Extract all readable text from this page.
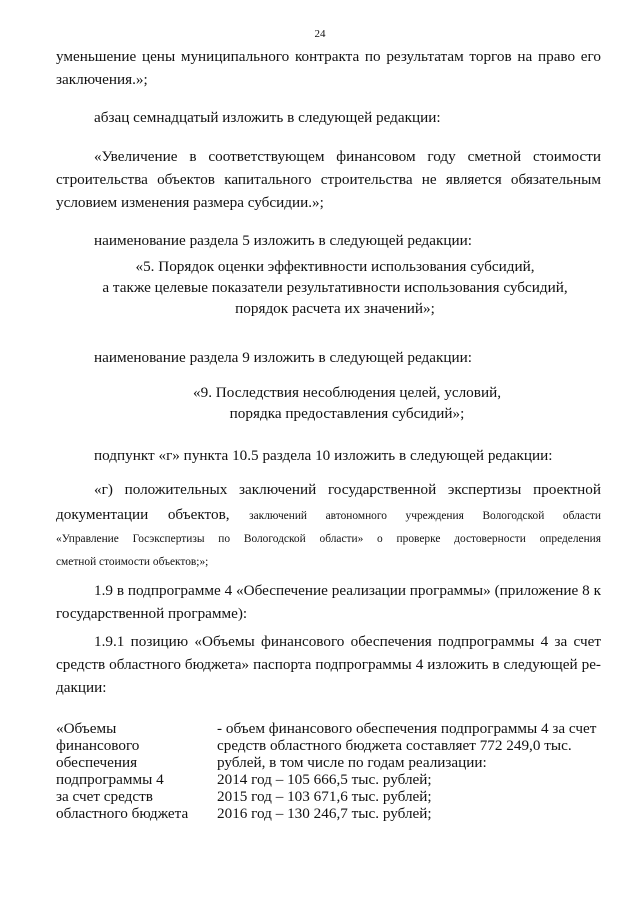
24
уменьшение цены муниципального контракта по результатам торгов на право его
заключения.»;
абзац семнадцатый изложить в следующей редакции:
«Увеличение в соответствующем финансовом году сметной стоимости
строительства объектов капитального строительства не является обязательным
условием изменения размера субсидии.»;
наименование раздела 5 изложить в следующей редакции:
«5. Порядок оценки эффективности использования субсидий,
а также целевые показатели результативности использования субсидий,
порядок расчета их значений»;
наименование раздела 9 изложить в следующей редакции:
«9. Последствия несоблюдения целей, условий,
порядка предоставления субсидий»;
подпункт «г» пункта 10.5 раздела 10 изложить в следующей редакции:
«г) положительных заключений государственной экспертизы проектной
документации объектов, заключений автономного учреждения Вологодской области
«Управление Госэкспертизы по Вологодской области» о проверке достоверности определения
сметной стоимости объектов;»;
1.9 в подпрограмме 4 «Обеспечение реализации программы» (приложение 8 к
государственной программе):
1.9.1 позицию «Объемы финансового обеспечения подпрограммы 4 за счет
средств областного бюджета» паспорта подпрограммы 4 изложить в следующей ре-
дакции:
«Объемы
финансового
обеспечения
подпрограммы 4
за счет средств
областного бюджета
- объем финансового обеспечения подпрограммы 4 за счет
средств областного бюджета составляет 772 249,0 тыс.
рублей, в том числе по годам реализации:
2014 год – 105 666,5 тыс. рублей;
2015 год – 103 671,6 тыс. рублей;
2016 год – 130 246,7 тыс. рублей;
